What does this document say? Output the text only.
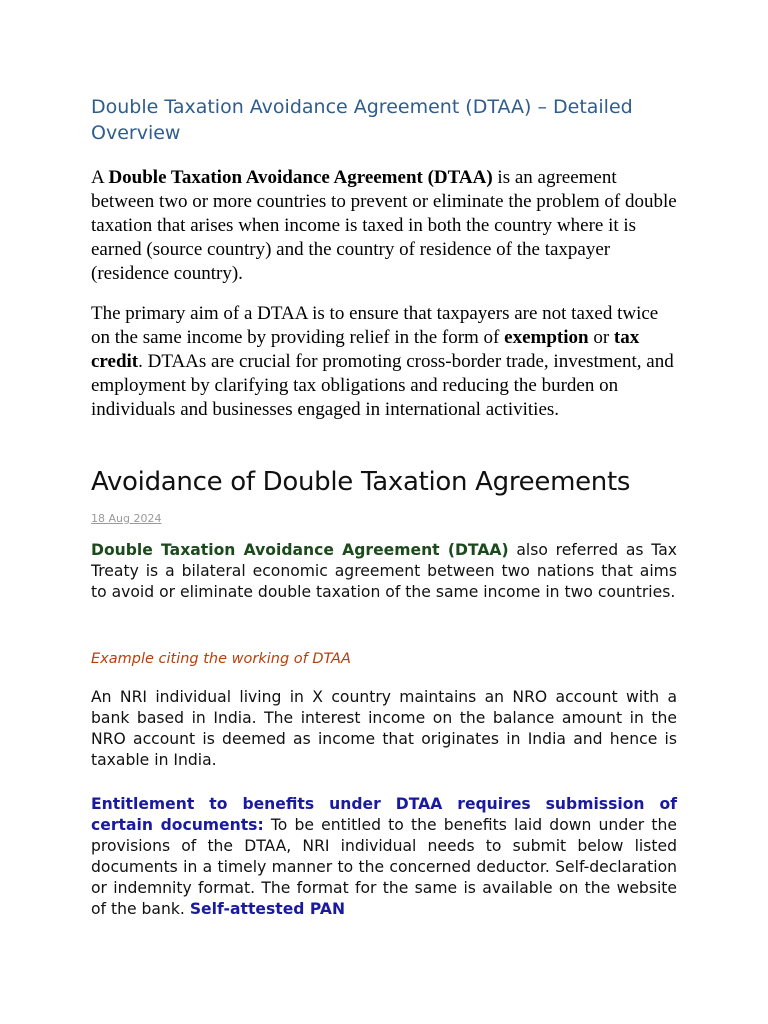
Double Taxation Avoidance Agreement (DTAA) – Detailed Overview

A Double Taxation Avoidance Agreement (DTAA) is an agreement between two or more countries to prevent or eliminate the problem of double taxation that arises when income is taxed in both the country where it is earned (source country) and the country of residence of the taxpayer (residence country).

The primary aim of a DTAA is to ensure that taxpayers are not taxed twice on the same income by providing relief in the form of exemption or tax credit. DTAAs are crucial for promoting cross-border trade, investment, and employment by clarifying tax obligations and reducing the burden on individuals and businesses engaged in international activities.

Avoidance of Double Taxation Agreements
18 Aug 2024

Double Taxation Avoidance Agreement (DTAA) also referred as Tax Treaty is a bilateral economic agreement between two nations that aims to avoid or eliminate double taxation of the same income in two countries.

Example citing the working of DTAA

An NRI individual living in X country maintains an NRO account with a bank based in India. The interest income on the balance amount in the NRO account is deemed as income that originates in India and hence is taxable in India.

Entitlement to benefits under DTAA requires submission of certain documents: To be entitled to the benefits laid down under the provisions of the DTAA, NRI individual needs to submit below listed documents in a timely manner to the concerned deductor. Self-declaration or indemnity format. The format for the same is available on the website of the bank. Self-attested PAN
